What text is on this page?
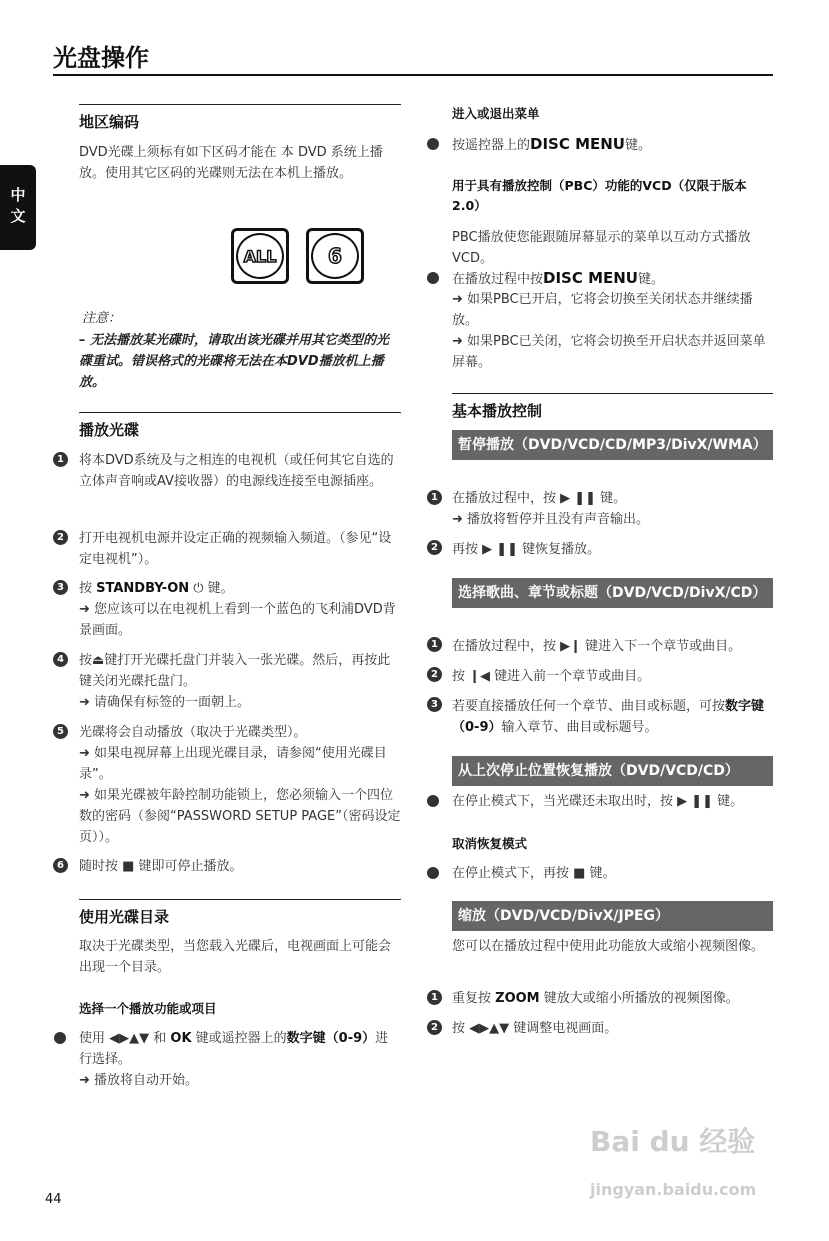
光盘操作
中文
地区编码
DVD光碟上须标有如下区码才能在 本 DVD 系统上播放。使用其它区码的光碟则无法在本机上播放。
ALL	6
注意：
– 无法播放某光碟时，请取出该光碟并用其它类型的光碟重试。错误格式的光碟将无法在本DVD播放机上播放。
播放光碟
1	将本DVD系统及与之相连的电视机（或任何其它自选的立体声音响或AV接收器）的电源线连接至电源插座。
2	打开电视机电源并设定正确的视频输入频道。（参见“设定电视机”）。
3	按 STANDBY-ON ⏻ 键。
➜ 您应该可以在电视机上看到一个蓝色的飞利浦DVD背景画面。
4	按⏏键打开光碟托盘门并装入一张光碟。然后，再按此键关闭光碟托盘门。
➜ 请确保有标签的一面朝上。
5	光碟将会自动播放（取决于光碟类型）。
➜ 如果电视屏幕上出现光碟目录，请参阅“使用光碟目录”。
➜ 如果光碟被年龄控制功能锁上，您必须输入一个四位数的密码（参阅“PASSWORD SETUP PAGE”（密码设定页））。
6	随时按 ■ 键即可停止播放。
使用光碟目录
取决于光碟类型，当您载入光碟后，电视画面上可能会出现一个目录。
选择一个播放功能或项目
使用 ◀▶▲▼ 和 OK 键或遥控器上的数字键（0-9）进行选择。
➜ 播放将自动开始。
进入或退出菜单
按遥控器上的DISC MENU键。
用于具有播放控制（PBC）功能的VCD（仅限于版本2.0）
PBC播放使您能跟随屏幕显示的菜单以互动方式播放VCD。
在播放过程中按DISC MENU键。
➜ 如果PBC已开启，它将会切换至关闭状态并继续播放。
➜ 如果PBC已关闭，它将会切换至开启状态并返回菜单屏幕。
基本播放控制
暂停播放（DVD/VCD/CD/MP3/DivX/WMA）
1	在播放过程中，按 ▶ ❚❚ 键。
➜ 播放将暂停并且没有声音输出。
2	再按 ▶ ❚❚ 键恢复播放。
选择歌曲、章节或标题（DVD/VCD/DivX/CD）
1	在播放过程中，按 ▶❙ 键进入下一个章节或曲目。
2	按 ❙◀ 键进入前一个章节或曲目。
3	若要直接播放任何一个章节、曲目或标题，可按数字键（0-9）输入章节、曲目或标题号。
从上次停止位置恢复播放（DVD/VCD/CD）
在停止模式下，当光碟还未取出时，按 ▶ ❚❚ 键。
取消恢复模式
在停止模式下，再按 ■ 键。
缩放（DVD/VCD/DivX/JPEG）
您可以在播放过程中使用此功能放大或缩小视频图像。
1	重复按 ZOOM 键放大或缩小所播放的视频图像。
2	按 ◀▶▲▼ 键调整电视画面。
44
Bai du 经验
jingyan.baidu.com
